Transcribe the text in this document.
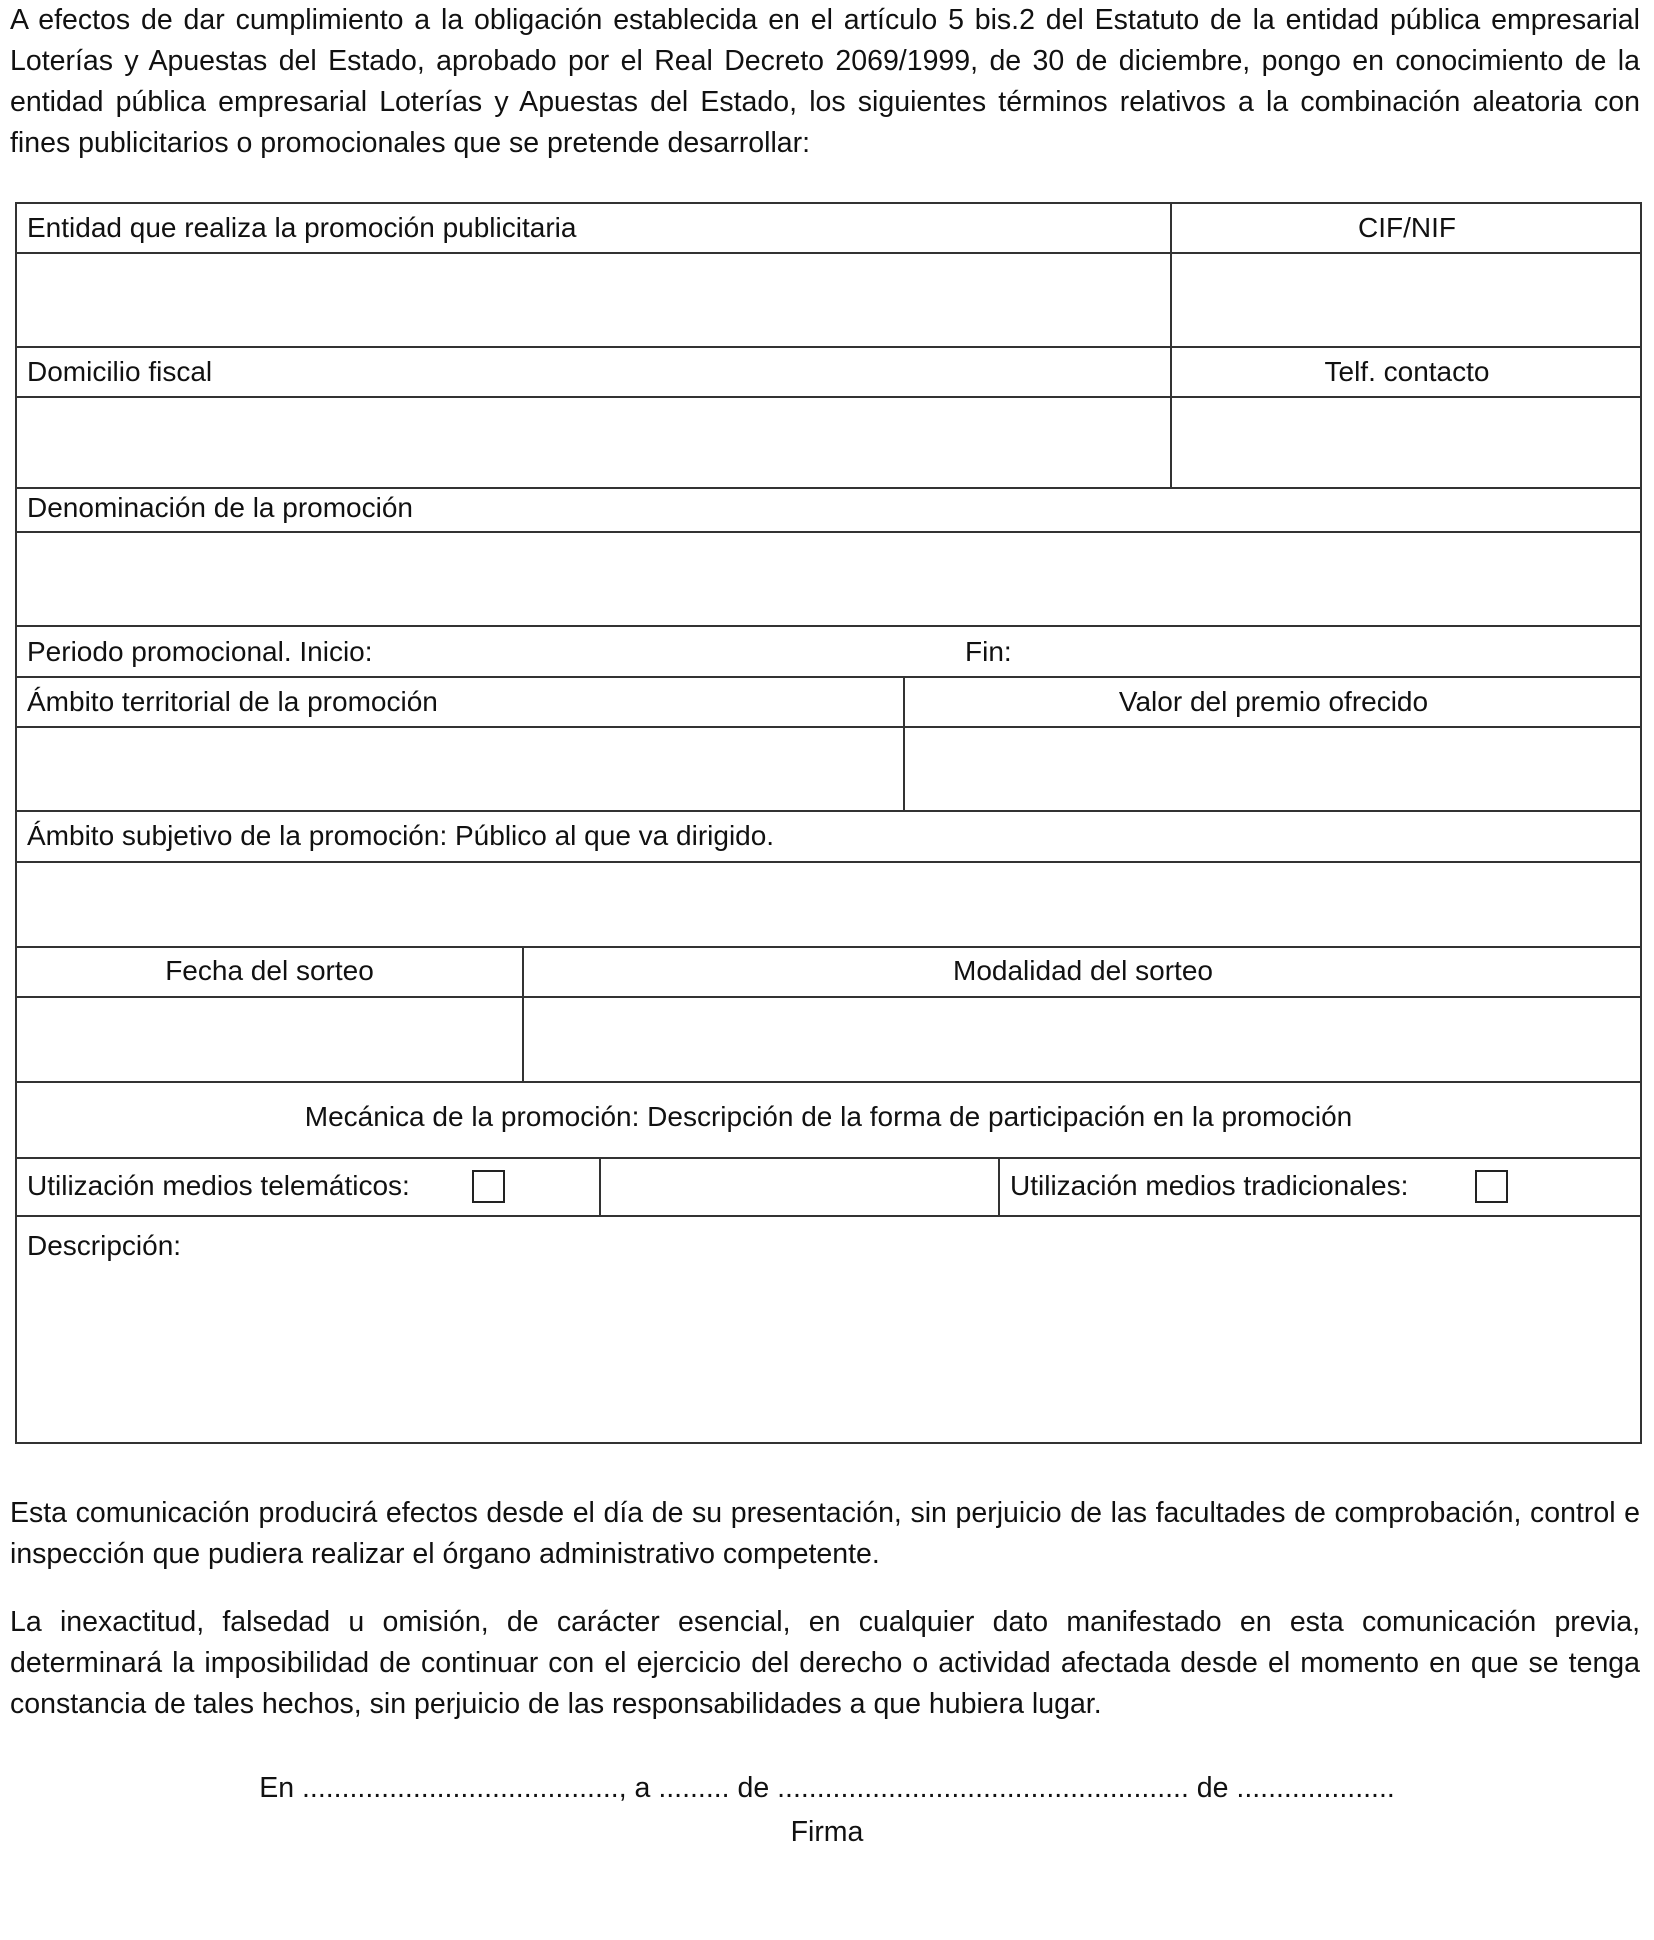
A efectos de dar cumplimiento a la obligación establecida en el artículo 5 bis.2 del Estatuto de la entidad pública empresarial Loterías y Apuestas del Estado, aprobado por el Real Decreto 2069/1999, de 30 de diciembre, pongo en conocimiento de la entidad pública empresarial Loterías y Apuestas del Estado, los siguientes términos relativos a la combinación aleatoria con fines publicitarios o promocionales que se pretende desarrollar:

Entidad que realiza la promoción publicitaria	CIF/NIF
Domicilio fiscal	Telf. contacto
Denominación de la promoción
Periodo promocional. Inicio:	Fin:
Ámbito territorial de la promoción	Valor del premio ofrecido
Ámbito subjetivo de la promoción: Público al que va dirigido.
Fecha del sorteo	Modalidad del sorteo
Mecánica de la promoción: Descripción de la forma de participación en la promoción
Utilización medios telemáticos:	Utilización medios tradicionales:
Descripción:

Esta comunicación producirá efectos desde el día de su presentación, sin perjuicio de las facultades de comprobación, control e inspección que pudiera realizar el órgano administrativo competente.

La inexactitud, falsedad u omisión, de carácter esencial, en cualquier dato manifestado en esta comunicación previa, determinará la imposibilidad de continuar con el ejercicio del derecho o actividad afectada desde el momento en que se tenga constancia de tales hechos, sin perjuicio de las responsabilidades a que hubiera lugar.

En ........................................, a ......... de .................................................... de ....................
Firma
